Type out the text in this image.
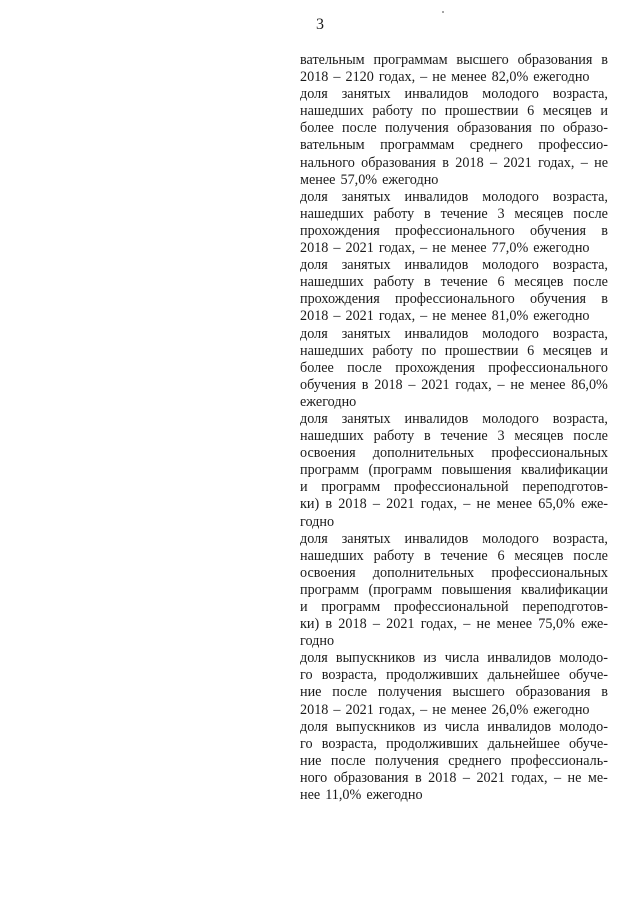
3
вательным программам высшего образования в
2018 – 2120 годах, – не менее 82,0% ежегодно
доля занятых инвалидов молодого возраста,
нашедших работу по прошествии 6 месяцев и
более после получения образования по образо-
вательным программам среднего профессио-
нального образования в 2018 – 2021 годах, – не
менее 57,0% ежегодно
доля занятых инвалидов молодого возраста,
нашедших работу в течение 3 месяцев после
прохождения профессионального обучения в
2018 – 2021 годах, – не менее 77,0% ежегодно
доля занятых инвалидов молодого возраста,
нашедших работу в течение 6 месяцев после
прохождения профессионального обучения в
2018 – 2021 годах, – не менее 81,0% ежегодно
доля занятых инвалидов молодого возраста,
нашедших работу по прошествии 6 месяцев и
более после прохождения профессионального
обучения в 2018 – 2021 годах, – не менее 86,0%
ежегодно
доля занятых инвалидов молодого возраста,
нашедших работу в течение 3 месяцев после
освоения дополнительных профессиональных
программ (программ повышения квалификации
и программ профессиональной переподготов-
ки) в 2018 – 2021 годах, – не менее 65,0% еже-
годно
доля занятых инвалидов молодого возраста,
нашедших работу в течение 6 месяцев после
освоения дополнительных профессиональных
программ (программ повышения квалификации
и программ профессиональной переподготов-
ки) в 2018 – 2021 годах, – не менее 75,0% еже-
годно
доля выпускников из числа инвалидов молодо-
го возраста, продолживших дальнейшее обуче-
ние после получения высшего образования в
2018 – 2021 годах, – не менее 26,0% ежегодно
доля выпускников из числа инвалидов молодо-
го возраста, продолживших дальнейшее обуче-
ние после получения среднего профессиональ-
ного образования в 2018 – 2021 годах, – не ме-
нее 11,0% ежегодно
